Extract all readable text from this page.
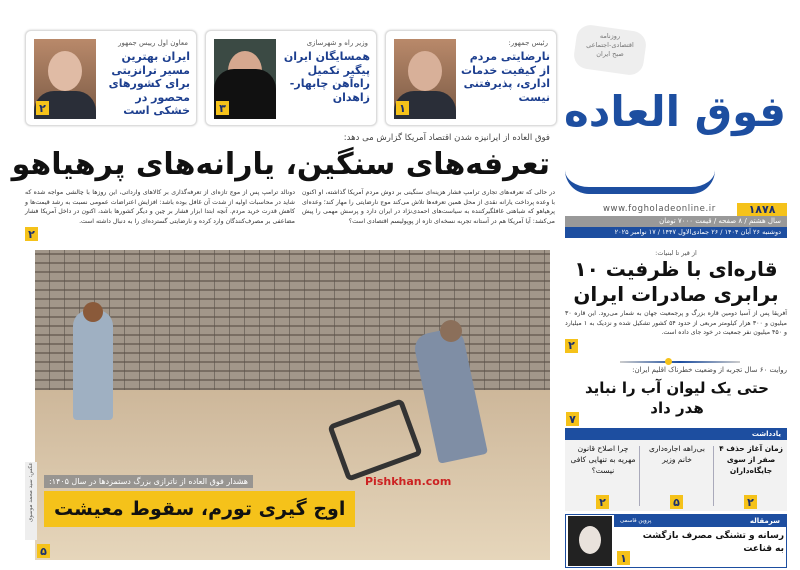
رئیس جمهور:
نارضایتی مردم از کیفیت خدمات اداری، پذیرفتنی نیست
۱
وزیر راه و شهرسازی
همسایگان ایران پیگیر تکمیل راه‌آهن چابهار-زاهدان
۳
معاون اول رییس جمهور
ایران بهترین مسیر ترانزیتی برای کشورهای محصور در خشکی است
۲
روزنامه
اقتصادی-اجتماعی
صبح ایران
فوق العاده
۱۸۷۸
www.fogholadeonline.ir
سال هشتم / ۸ صفحه / قیمت ۷۰۰۰ تومان
دوشنبه ۲۶ آبان ۱۴۰۴ / ۲۶ جمادی‌الاول ۱۴۴۷ / ۱۷ نوامبر ۲۰۲۵
فوق العاده از ایرانیزه شدن اقتصاد آمریکا گزارش می دهد:
تعرفه‌های سنگین، یارانه‌های پرهیاهو
در حالی که تعرفه‌های تجاری ترامپ فشار هزینه‌ای سنگینی بر دوش مردم آمریکا گذاشته، او اکنون با وعده پرداخت یارانه نقدی از محل همین تعرفه‌ها تلاش می‌کند موج نارضایتی را مهار کند؛ وعده‌ای پرهیاهو که شباهتی غافلگیرکننده به سیاست‌های احمدی‌نژاد در ایران دارد و پرسش مهمی را پیش می‌کشد: آیا آمریکا هم در آستانه تجربه نسخه‌ای تازه از پوپولیسم اقتصادی است؟
دونالد ترامپ پس از موج تازه‌ای از تعرفه‌گذاری بر کالاهای وارداتی، این روزها با چالشی مواجه شده که شاید در محاسبات اولیه از شدت آن غافل بوده باشد: افزایش اعتراضات عمومی نسبت به رشد قیمت‌ها و کاهش قدرت خرید مردم. آنچه ابتدا ابزار فشار بر چین و دیگر کشورها باشد، اکنون در داخل آمریکا فشار مضاعفی بر مصرف‌کنندگان وارد کرده و نارضایتی گسترده‌ای را به دنبال داشته است.
۲
Pishkhan.com
هشدار فوق العاده از ناترازی بزرگ دستمزدها در سال ۱۴۰۵:
اوج گیری تورم، سقوط معیشت
عکس: سید محمد موسوی
۵
از قیر تا لبنیات:
قاره‌ای با ظرفیت ۱۰ برابری صادرات ایران
آفریقا پس از آسیا دومین قاره بزرگ و پرجمعیت جهان به شمار می‌رود. این قاره ۳۰ میلیون و ۳۰۰ هزار کیلومتر مربعی از حدود ۵۴ کشور تشکیل شده و نزدیک به ۱ میلیارد و ۴۵۰ میلیون نفر جمعیت در خود جای داده است.
۲
روایت ۶۰ سال تجربه از وضعیت خطرناک اقلیم ایران:
حتی یک لیوان آب را نباید هدر داد
۷
یادداشت
زمان آغاز حذف ۴ صفر از سوی جایگاه‌داران
بی‌راهه اجاره‌داری خانم وزیر
چرا اصلاح قانون مهریه به تنهایی کافی نیست؟
۲
۵
۲
سرمقاله
پروین قاسمی
رسانه و تشنگی مصرف بازگشت به قناعت
۱
